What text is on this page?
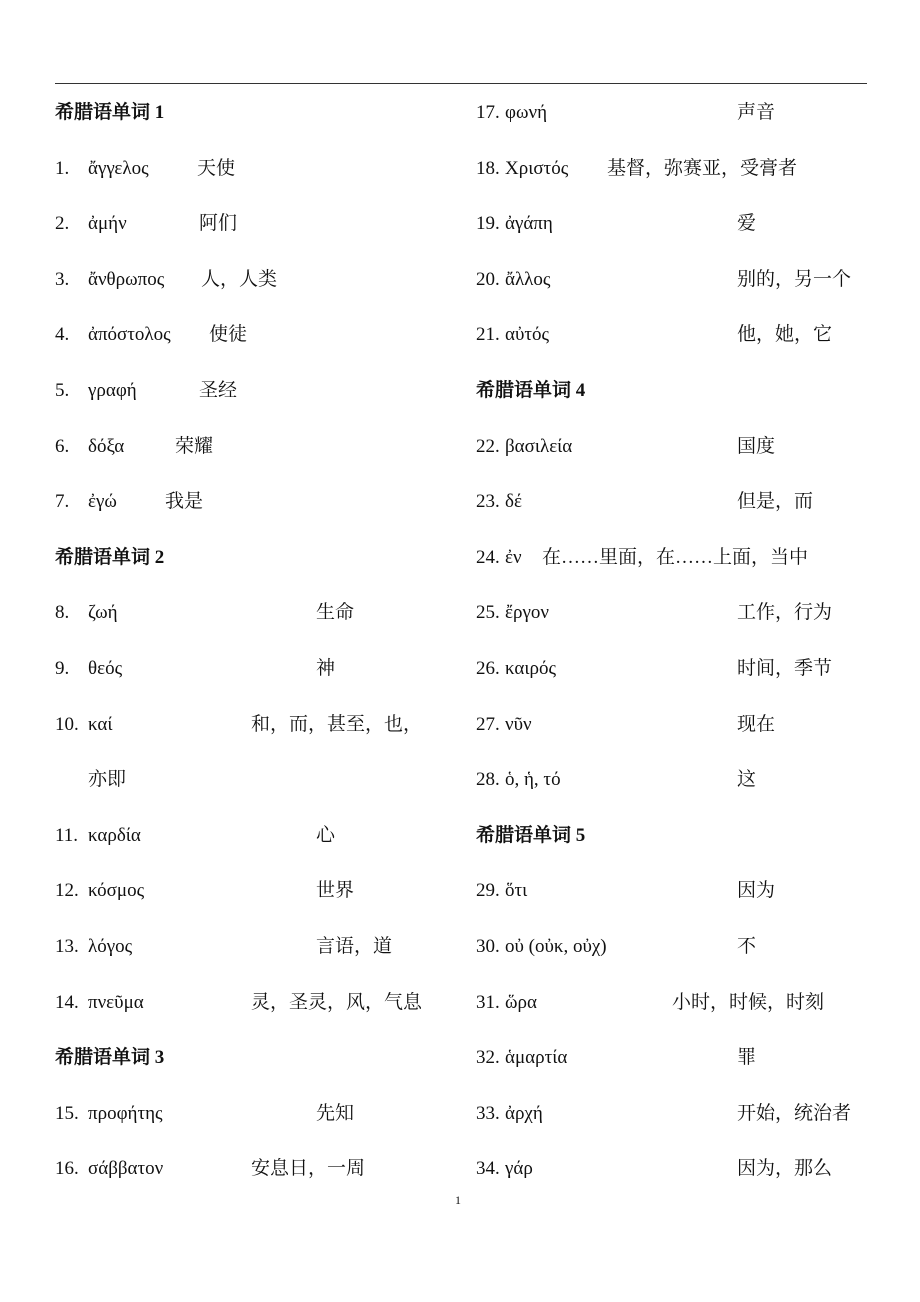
希腊语单词 1
1. ἄγγελος	天使
2. ἀμήν	阿们
3. ἄνθρωπος 人，人类
4. ἀπόστολος 使徒
5. γραφή	圣经
6. δόξα	荣耀
7. ἐγώ	我是
希腊语单词 2
8. ζωή	生命
9. θεός	神
10. καί	和，而，甚至，也，
亦即
11. καρδία	心
12. κόσμος	世界
13. λόγος	言语，道
14. πνεῦμα	灵，圣灵，风，气息
希腊语单词 3
15. προφήτης	先知
16. σάββατον	安息日，一周
17. φωνή	声音
18. Χριστός 基督，弥赛亚，受膏者
19. ἀγάπη	爱
20. ἄλλος	别的，另一个
21. αὐτός	他，她，它
希腊语单词 4
22. βασιλεία	国度
23. δέ	但是，而
24. ἐν 在……里面，在……上面，当中
25. ἔργον	工作，行为
26. καιρός	时间，季节
27. νῦν	现在
28. ὁ, ἡ, τό	这
希腊语单词 5
29. ὅτι	因为
30. οὐ (οὐκ, οὐχ)	不
31. ὥρα	小时，时候，时刻
32. ἁμαρτία	罪
33. ἀρχή	开始，统治者
34. γάρ	因为，那么
1
